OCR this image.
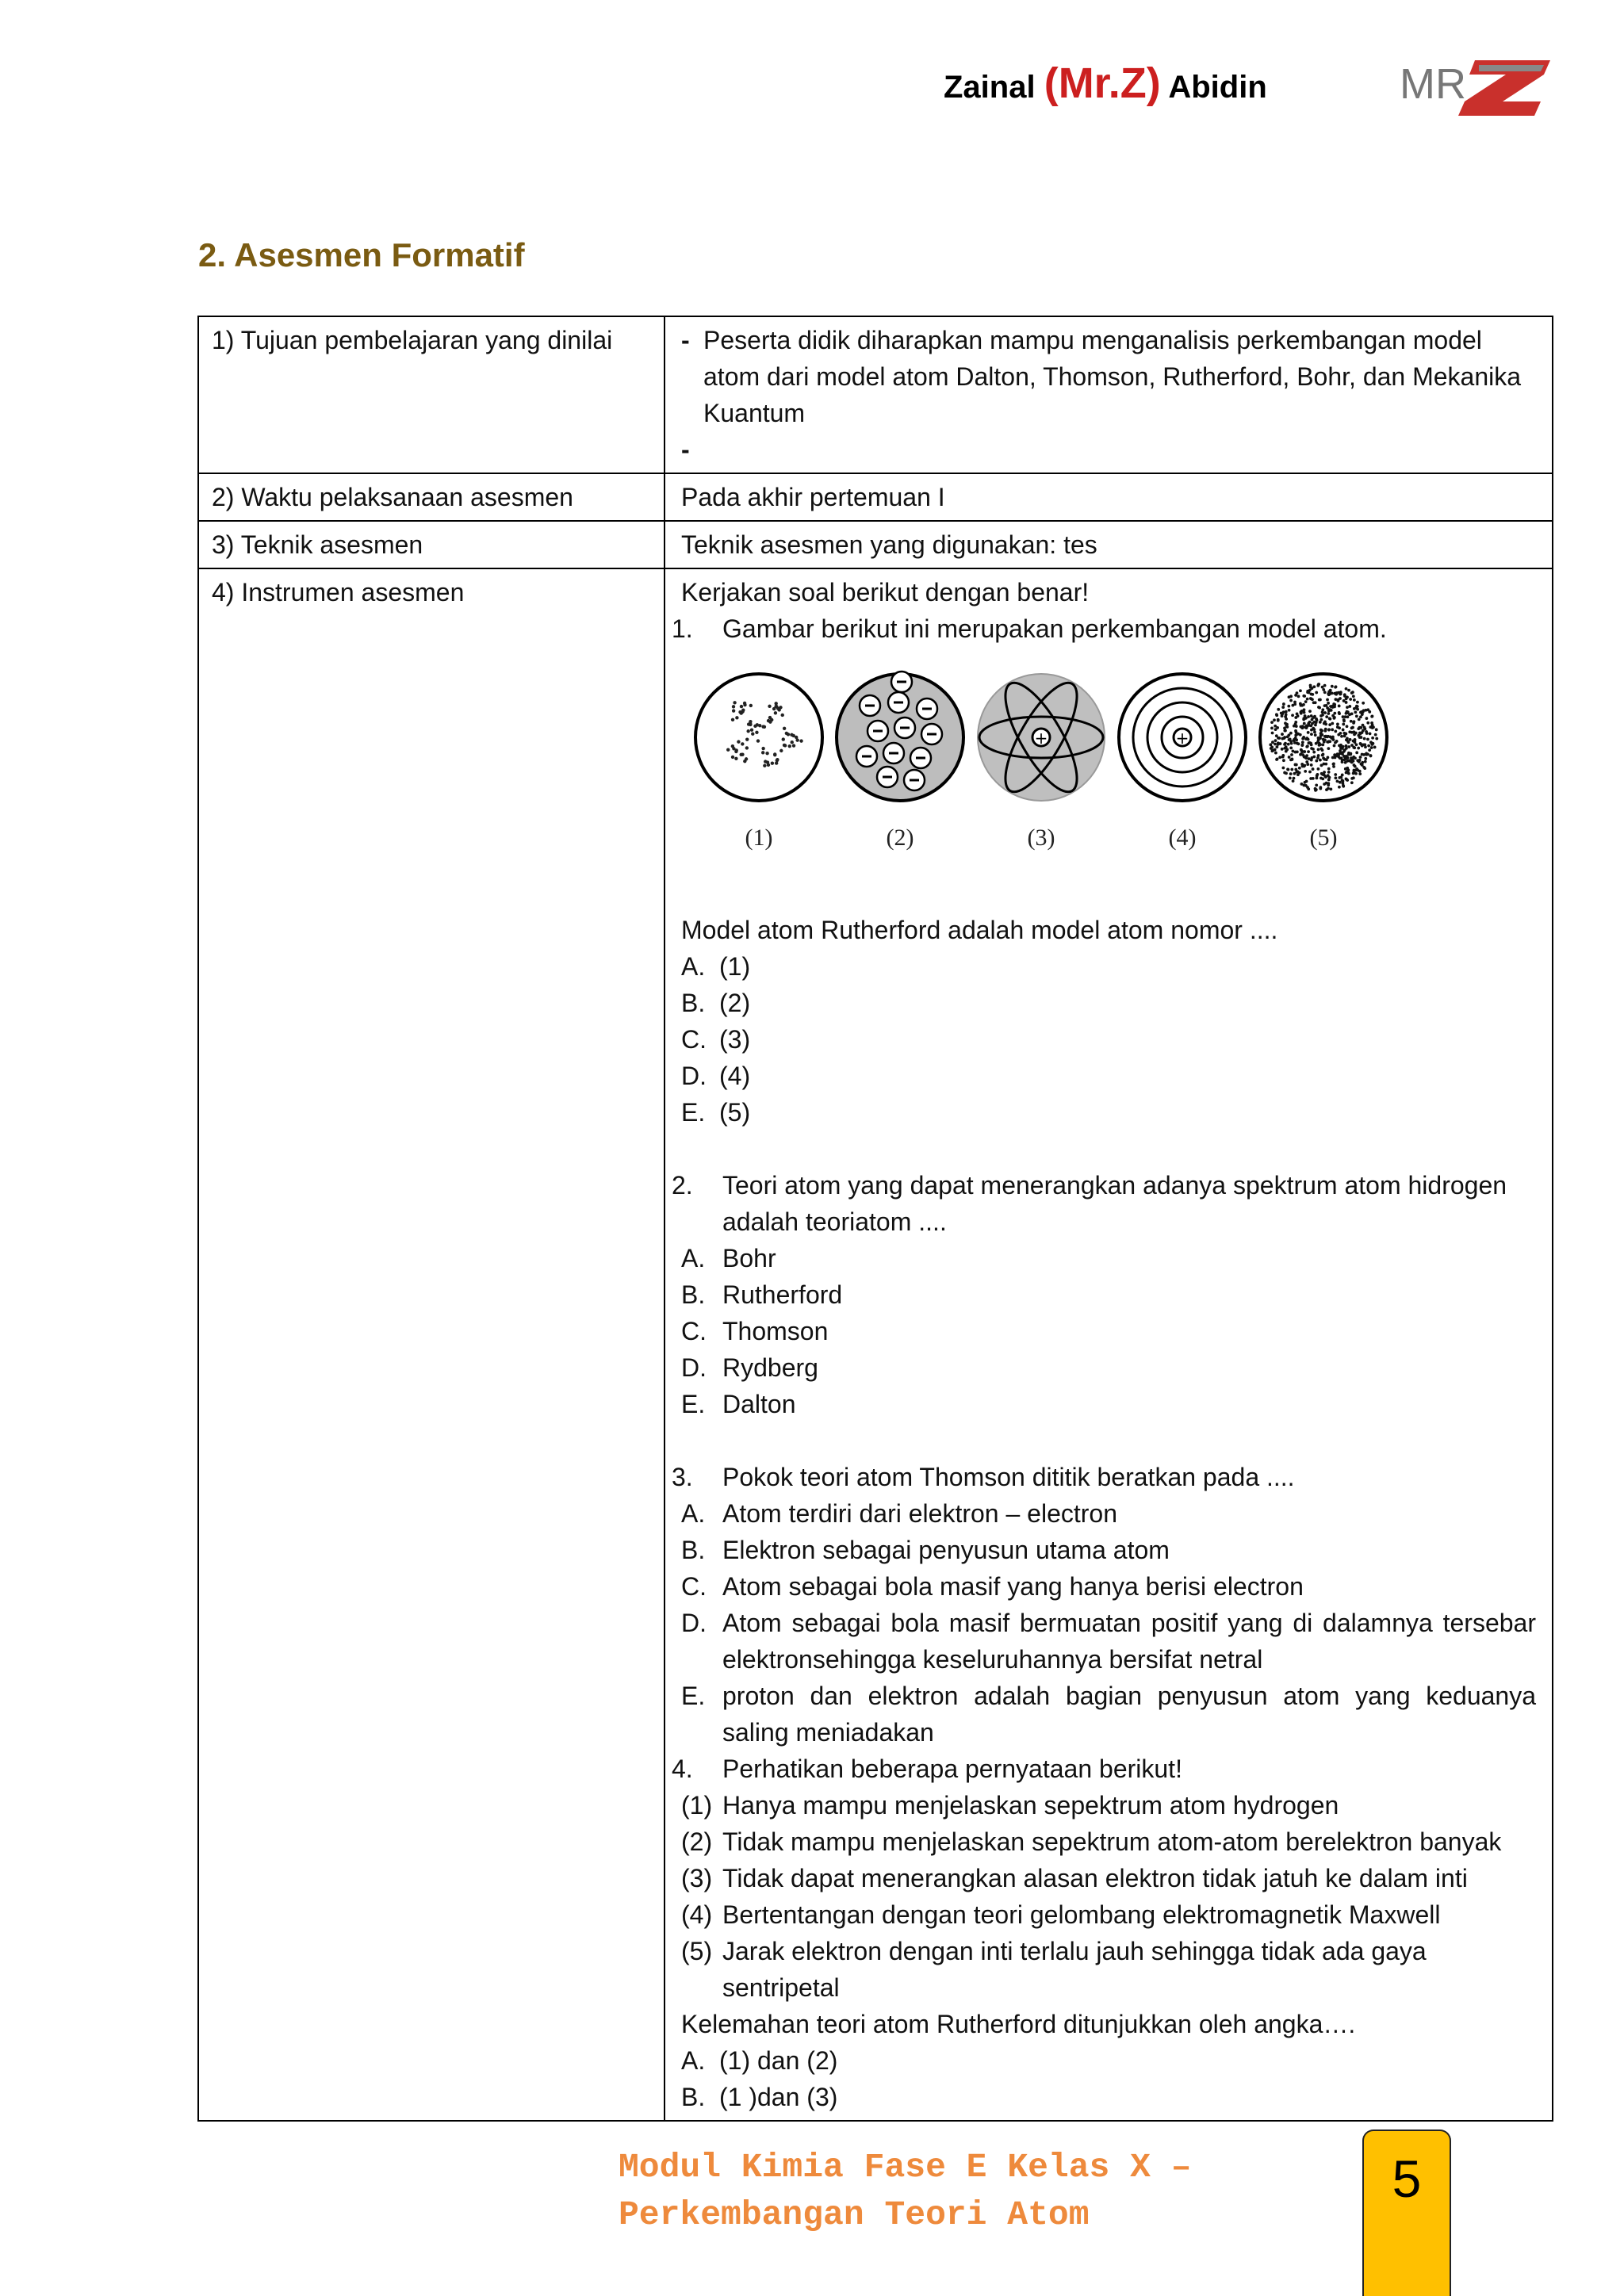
Zainal (Mr.Z) Abidin	MR
2. Asesmen Formatif
1) Tujuan pembelajaran yang dinilai	- Peserta didik diharapkan mampu menganalisis perkembangan model atom dari model atom Dalton, Thomson, Rutherford, Bohr, dan Mekanika Kuantum
-
2) Waktu pelaksanaan asesmen	Pada akhir pertemuan I
3) Teknik asesmen	Teknik asesmen yang digunakan: tes
4) Instrumen asesmen	Kerjakan soal berikut dengan benar!
1.	Gambar berikut ini merupakan perkembangan model atom.
+	+
(1)	(2)	(3)	(4)	(5)
Model atom Rutherford adalah model atom nomor ....
A. (1)
B. (2)
C. (3)
D. (4)
E. (5)
2.	Teori atom yang dapat menerangkan adanya spektrum atom hidrogen adalah teoriatom ....
A. Bohr
B. Rutherford
C. Thomson
D. Rydberg
E. Dalton
3.	Pokok teori atom Thomson dititik beratkan pada ....
A. Atom terdiri dari elektron – electron
B. Elektron sebagai penyusun utama atom
C. Atom sebagai bola masif yang hanya berisi electron
D. Atom sebagai bola masif bermuatan positif yang di dalamnya tersebar elektronsehingga keseluruhannya bersifat netral
E. proton dan elektron adalah bagian penyusun atom yang keduanya saling meniadakan
4.	Perhatikan beberapa pernyataan berikut!
(1) Hanya mampu menjelaskan sepektrum atom hydrogen
(2) Tidak mampu menjelaskan sepektrum atom-atom berelektron banyak
(3) Tidak dapat menerangkan alasan elektron tidak jatuh ke dalam inti
(4) Bertentangan dengan teori gelombang elektromagnetik Maxwell
(5) Jarak elektron dengan inti terlalu jauh sehingga tidak ada gaya sentripetal
Kelemahan teori atom Rutherford ditunjukkan oleh angka….
A. (1) dan (2)
B. (1 )dan (3)
Modul Kimia Fase E Kelas X –
Perkembangan Teori Atom
5
